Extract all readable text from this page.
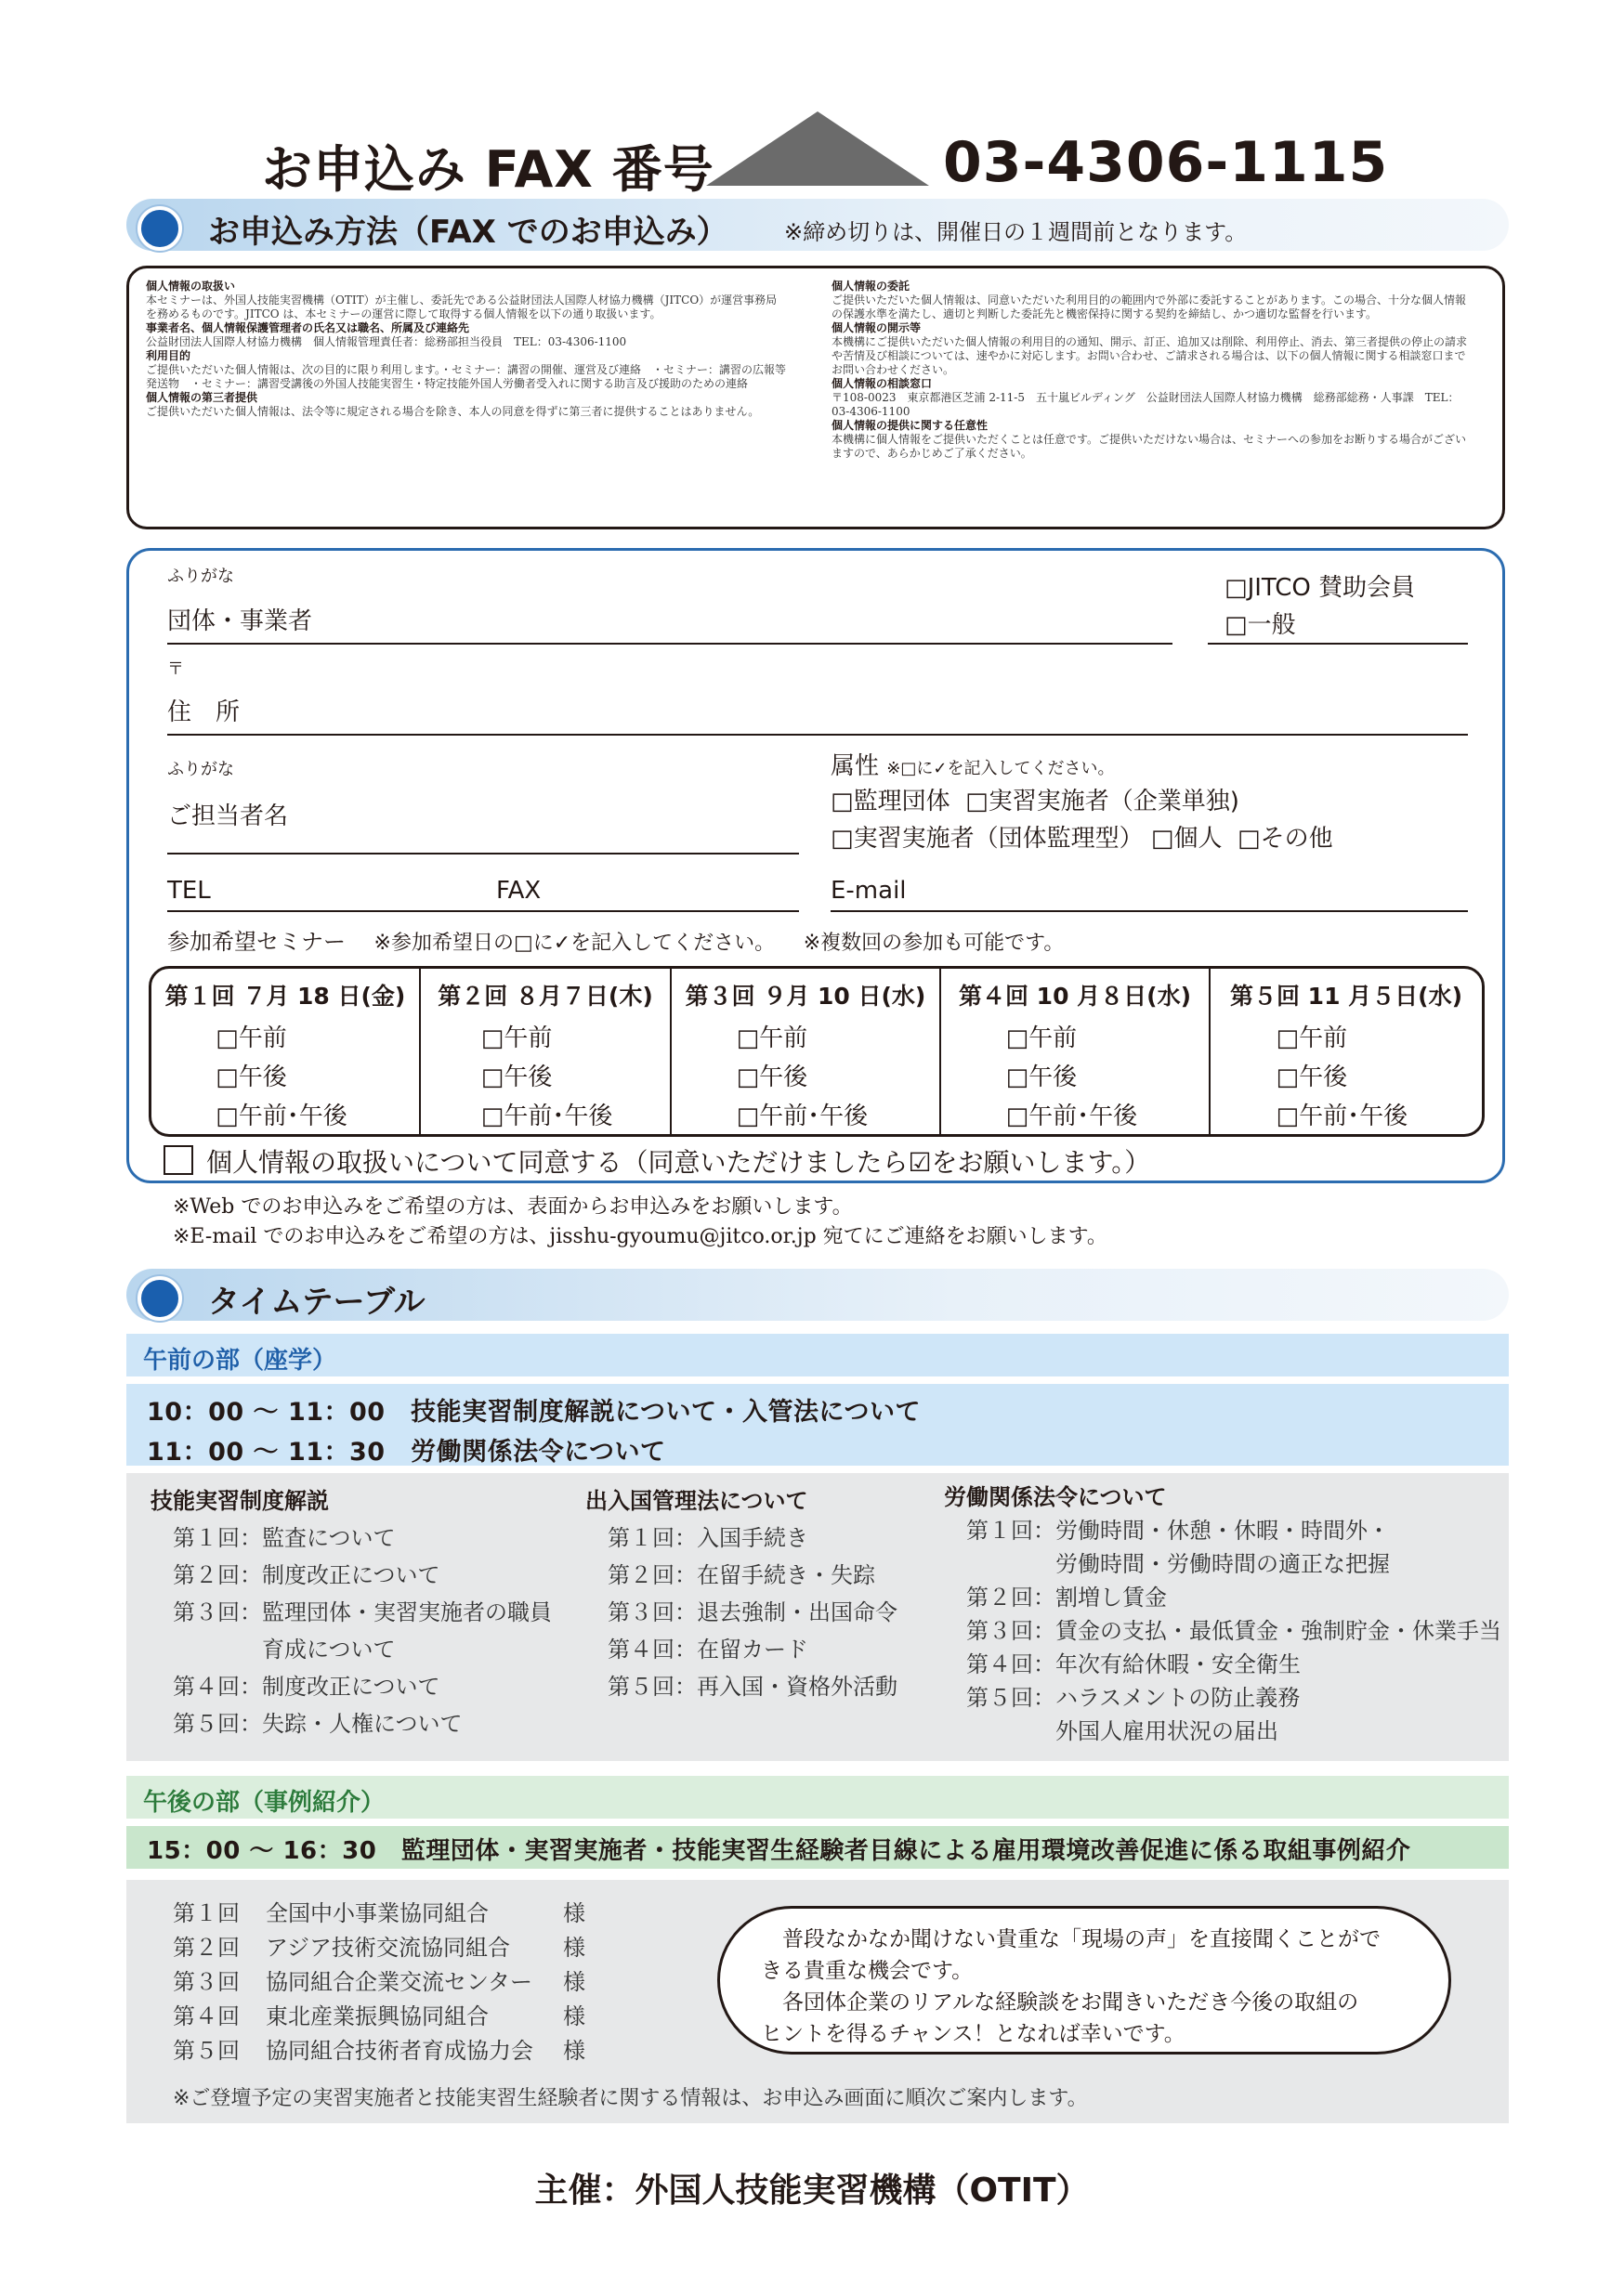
お申込み FAX 番号	03-4306-1115
お申込み方法（FAX でのお申込み）	※締め切りは、開催日の１週間前となります。
個人情報の取扱い
本セミナーは、外国人技能実習機構（OTIT）が主催し、委託先である公益財団法人国際人材協力機構（JITCO）が運営事務局を務めるものです。JITCO は、本セミナーの運営に際して取得する個人情報を以下の通り取扱います。
事業者名、個人情報保護管理者の氏名又は職名、所属及び連絡先
公益財団法人国際人材協力機構　個人情報管理責任者：総務部担当役員　TEL：03-4306-1100
利用目的
ご提供いただいた個人情報は、次の目的に限り利用します。・セミナー：講習の開催、運営及び連絡　・セミナー：講習の広報等発送物　・セミナー：講習受講後の外国人技能実習生・特定技能外国人労働者受入れに関する助言及び援助のための連絡
個人情報の第三者提供
ご提供いただいた個人情報は、法令等に規定される場合を除き、本人の同意を得ずに第三者に提供することはありません。
個人情報の委託
ご提供いただいた個人情報は、同意いただいた利用目的の範囲内で外部に委託することがあります。この場合、十分な個人情報の保護水準を満たし、適切と判断した委託先と機密保持に関する契約を締結し、かつ適切な監督を行います。
個人情報の開示等
本機構にご提供いただいた個人情報の利用目的の通知、開示、訂正、追加又は削除、利用停止、消去、第三者提供の停止の請求や苦情及び相談については、速やかに対応します。お問い合わせ、ご請求される場合は、以下の個人情報に関する相談窓口までお問い合わせください。
個人情報の相談窓口
〒108-0023　東京都港区芝浦 2-11-5　五十嵐ビルディング　公益財団法人国際人材協力機構　総務部総務・人事課　TEL：03-4306-1100
個人情報の提供に関する任意性
本機構に個人情報をご提供いただくことは任意です。ご提供いただけない場合は、セミナーへの参加をお断りする場合がございますので、あらかじめご了承ください。
ふりがな
団体・事業者
□ JITCO 賛助会員
□ 一般
〒
住　所
ふりがな
ご担当者名
属性 ※□に✓を記入してください。
□ 監理団体 □ 実習実施者（企業単独)
□ 実習実施者（団体監理型） □ 個人 □ その他
TEL	FAX	E-mail
参加希望セミナー ※参加希望日の□に✓を記入してください。 ※複数回の参加も可能です。
第１回 ７月 18 日(金)
□ 午前
□ 午後
□ 午前･午後
第２回 ８月７日(木)
□ 午前
□ 午後
□ 午前･午後
第３回 ９月 10 日(水)
□ 午前
□ 午後
□ 午前･午後
第４回 10 月８日(水)
□ 午前
□ 午後
□ 午前･午後
第５回 11 月５日(水)
□ 午前
□ 午後
□ 午前･午後
個人情報の取扱いについて同意する（同意いただけましたら☑をお願いします。）
※Web でのお申込みをご希望の方は、表面からお申込みをお願いします。
※E-mail でのお申込みをご希望の方は、jisshu-gyoumu@jitco.or.jp 宛てにご連絡をお願いします。
タイムテーブル
午前の部（座学）
10：00 ～ 11：00　技能実習制度解説について・入管法について
11：00 ～ 11：30　労働関係法令について
技能実習制度解説
第１回：監査について
第２回：制度改正について
第３回：監理団体・実習実施者の職員
　　　　育成について
第４回：制度改正について
第５回：失踪・人権について
出入国管理法について
第１回：入国手続き
第２回：在留手続き・失踪
第３回：退去強制・出国命令
第４回：在留カード
第５回：再入国・資格外活動
労働関係法令について
第１回：労働時間・休憩・休暇・時間外・
　　　　労働時間・労働時間の適正な把握
第２回：割増し賃金
第３回：賃金の支払・最低賃金・強制貯金・休業手当
第４回：年次有給休暇・安全衛生
第５回：ハラスメントの防止義務
　　　　外国人雇用状況の届出
午後の部（事例紹介）
15：00 ～ 16：30　監理団体・実習実施者・技能実習生経験者目線による雇用環境改善促進に係る取組事例紹介
第１回 全国中小事業協同組合	様
第２回 アジア技術交流協同組合 様
第３回 協同組合企業交流センター 様
第４回 東北産業振興協同組合	様
第５回 協同組合技術者育成協力会 様
※ご登壇予定の実習実施者と技能実習生経験者に関する情報は、お申込み画面に順次ご案内します。
　普段なかなか聞けない貴重な「現場の声」を直接聞くことがで
きる貴重な機会です。
　各団体企業のリアルな経験談をお聞きいただき今後の取組の
ヒントを得るチャンス！となれば幸いです。
主催：外国人技能実習機構（OTIT）
